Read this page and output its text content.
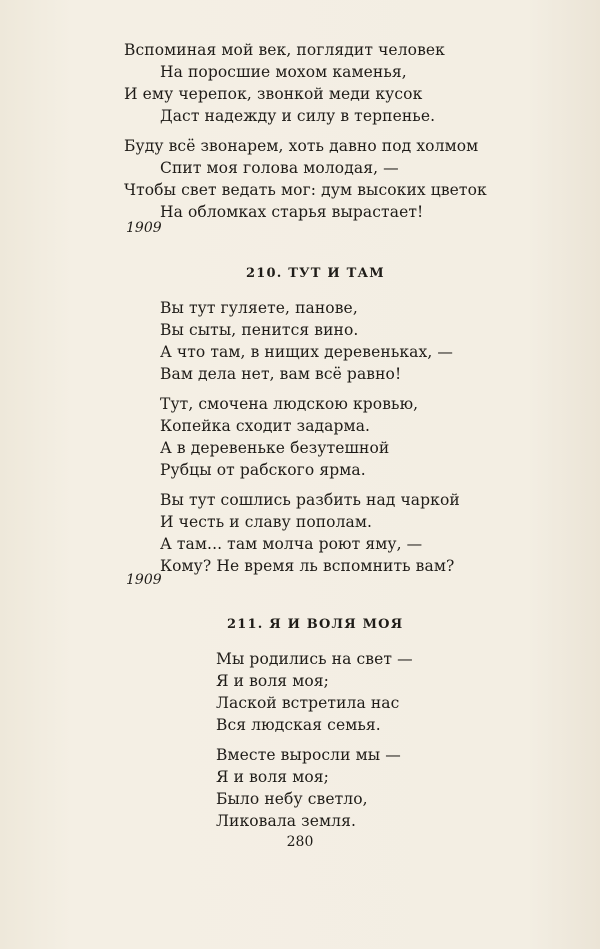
Вспоминая мой век, поглядит человек
На поросшие мохом каменья,
И ему черепок, звонкой меди кусок
Даст надежду и силу в терпенье.
Буду всё звонарем, хоть давно под холмом
Спит моя голова молодая, —
Чтобы свет ведать мог: дум высоких цветок
На обломках старья вырастает!
1909
210. ТУТ И ТАМ
Вы тут гуляете, панове,
Вы сыты, пенится вино.
А что там, в нищих деревеньках, —
Вам дела нет, вам всё равно!
Тут, смочена людскою кровью,
Копейка сходит задарма.
А в деревеньке безутешной
Рубцы от рабского ярма.
Вы тут сошлись разбить над чаркой
И честь и славу пополам.
А там... там молча роют яму, —
Кому? Не время ль вспомнить вам?
1909
211. Я И ВОЛЯ МОЯ
Мы родились на свет —
Я и воля моя;
Лаской встретила нас
Вся людская семья.
Вместе выросли мы —
Я и воля моя;
Было небу светло,
Ликовала земля.
280
